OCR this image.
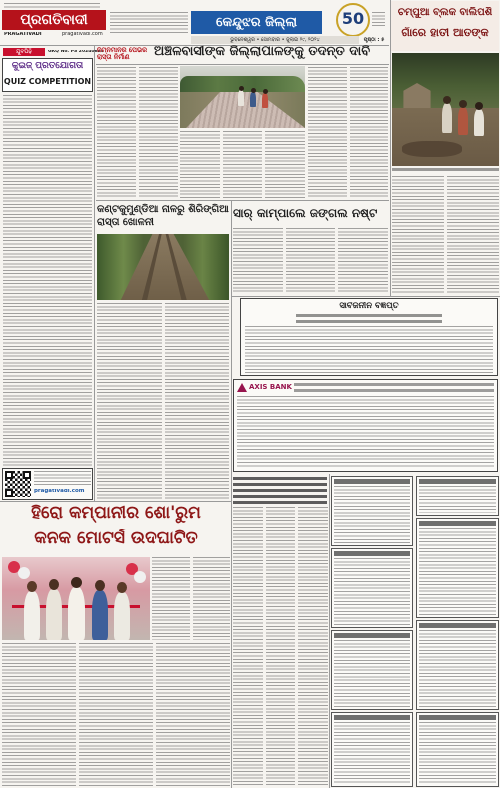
ପ୍ରଗତିବାଦୀ
PRAGATIVADI	pragativadi.com
କେନ୍ଦୁଝର ଜିଲ୍ଲା	50
ଭୁବନେଶ୍ୱର • ସୋମବାର • ଜୁଲାଇ ୨୯, ୨୦୨୪	ପୃଷ୍ଠା : ୫
ଚମ୍ପୁଆ ବ୍ଲକ ବାଲିପଶି
ଗାଁରେ ହାତୀ ଆତଙ୍କ
ଯୁବପିଢ଼ି	GKQ No. PS 20240624
କୁଇଜ୍ ପ୍ରତିଯୋଗିତା
QUIZ COMPETITION
pragativadi.com
ନିମ୍ନମାନର ପେଭର ରାସ୍ତା ନିର୍ମାଣ	ଅଞ୍ଚଳବାସୀଙ୍କ ଜିଲ୍ଲାପାଳଙ୍କୁ ତଦନ୍ତ ଦାବି
କଣ୍ଟକୁମୁଣ୍ଡିଆ ନାଳରୁ ଶିରିଙ୍ଗିଆ ରାସ୍ତା ଖୋଳନୀ
ସାର୍ କାମ୍ପାଲେ ଜଙ୍ଗଲ ନଷ୍ଟ
ସାର୍ବଜନୀନ ବିଜ୍ଞପ୍ତି
AXIS BANK
ହିରୋ କମ୍ପାନୀର ଶୋ'ରୁମ
କନକ ମୋଟର୍ସ ଉଦଘାଟିତ
